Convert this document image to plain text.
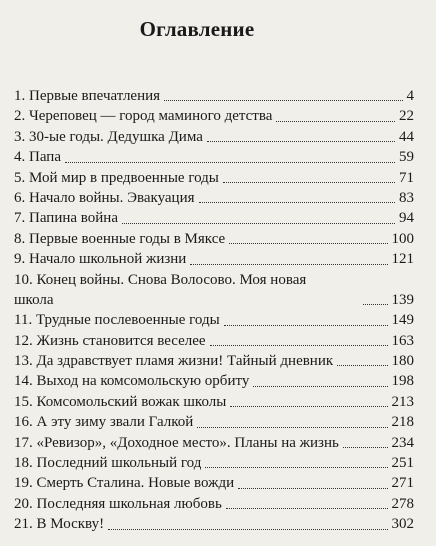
Оглавление
1. Первые впечатления	4
2. Череповец — город маминого детства	22
3. 30-ые годы. Дедушка Дима	44
4. Папа	59
5. Мой мир в предвоенные годы	71
6. Начало войны. Эвакуация	83
7. Папина война	94
8. Первые военные годы в Мяксе	100
9. Начало школьной жизни	121
10. Конец войны. Снова Волосово. Моя новая
школа	139
11. Трудные послевоенные годы	149
12. Жизнь становится веселее	163
13. Да здравствует пламя жизни! Тайный дневник	180
14. Выход на комсомольскую орбиту	198
15. Комсомольский вожак школы	213
16. А эту зиму звали Галкой	218
17. «Ревизор», «Доходное место». Планы на жизнь	234
18. Последний школьный год	251
19. Смерть Сталина. Новые вожди	271
20. Последняя школьная любовь	278
21. В Москву!	302
